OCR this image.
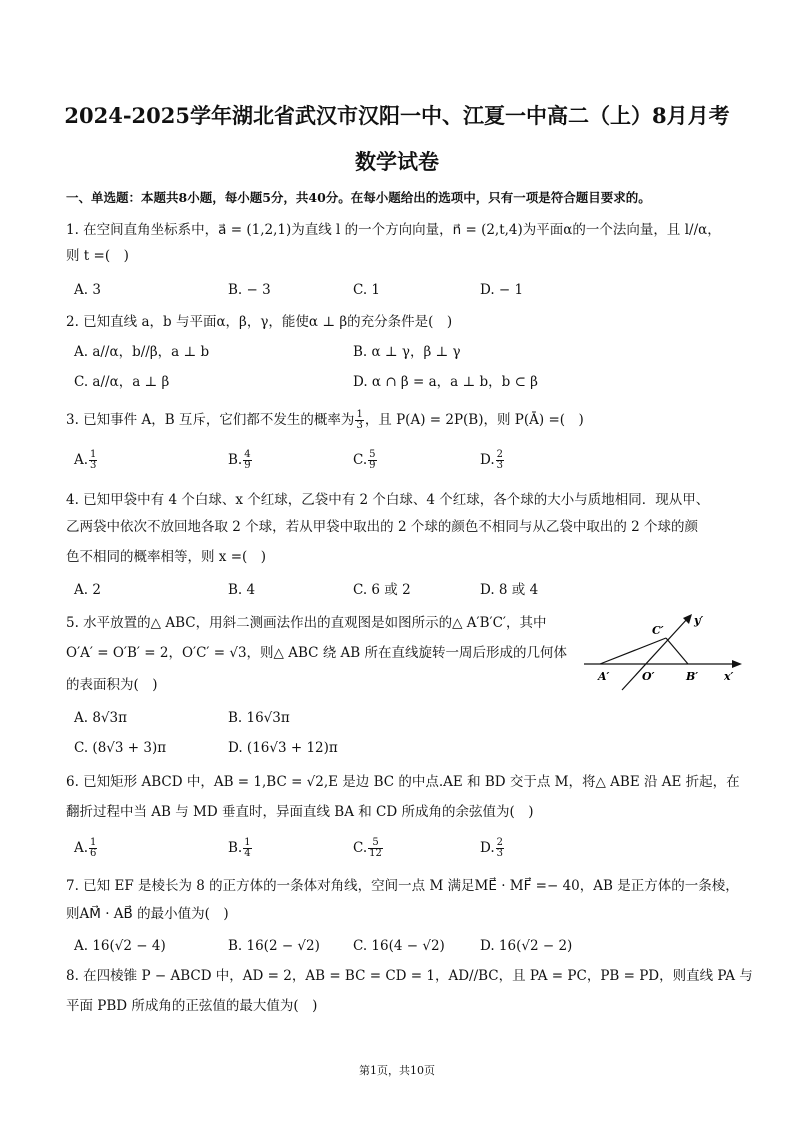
2024-2025学年湖北省武汉市汉阳一中、江夏一中高二（上）8月月考
数学试卷
一、单选题：本题共8小题，每小题5分，共40分。在每小题给出的选项中，只有一项是符合题目要求的。
1. 在空间直角坐标系中，a⃗ = (1,2,1)为直线 l 的一个方向向量，n⃗ = (2,t,4)为平面α的一个法向量，且 l//α，
则 t =(　)
A. 3	B. − 3	C. 1	D. − 1
2. 已知直线 a，b 与平面α，β，γ，能使α ⊥ β的充分条件是(　)
A. a//α，b//β，a ⊥ b	B. α ⊥ γ，β ⊥ γ
C. a//α，a ⊥ β	D. α ∩ β = a，a ⊥ b，b ⊂ β
3. 已知事件 A，B 互斥，它们都不发生的概率为 $\frac{1}{3}$ ，且 P(A) = 2P(B)，则 P(Ā) =(　)
A. $\frac{1}{3}$	B. $\frac{4}{9}$	C. $\frac{5}{9}$	D. $\frac{2}{3}$
4. 已知甲袋中有 4 个白球、x 个红球，乙袋中有 2 个白球、4 个红球，各个球的大小与质地相同．现从甲、
乙两袋中依次不放回地各取 2 个球，若从甲袋中取出的 2 个球的颜色不相同与从乙袋中取出的 2 个球的颜
色不相同的概率相等，则 x =(　)
A. 2	B. 4	C. 6 或 2	D. 8 或 4
5. 水平放置的△ ABC，用斜二测画法作出的直观图是如图所示的△ A′B′C′，其中
O′A′ = O′B′ = 2，O′C′ = √3，则△ ABC 绕 AB 所在直线旋转一周后形成的几何体
的表面积为(　)
A. 8√3π	B. 16√3π
C. (8√3 + 3)π	D. (16√3 + 12)π
A′	O′	B′
C′
x′
y′
6. 已知矩形 ABCD 中，AB = 1,BC = √2,E 是边 BC 的中点.AE 和 BD 交于点 M，将△ ABE 沿 AE 折起，在
翻折过程中当 AB 与 MD 垂直时，异面直线 BA 和 CD 所成角的余弦值为(　)
A. $\frac{1}{6}$	B. $\frac{1}{4}$	C. $\frac{5}{12}$	D. $\frac{2}{3}$
7. 已知 EF 是棱长为 8 的正方体的一条体对角线，空间一点 M 满足ME⃗ · MF⃗ =− 40，AB 是正方体的一条棱，
则AM⃗ · AB⃗ 的最小值为(　)
A. 16(√2 − 4)	B. 16(2 − √2) C. 16(4 − √2)	D. 16(√2 − 2)
8. 在四棱锥 P − ABCD 中，AD = 2，AB = BC = CD = 1，AD//BC，且 PA = PC，PB = PD，则直线 PA 与
平面 PBD 所成角的正弦值的最大值为(　)
第1页，共10页
